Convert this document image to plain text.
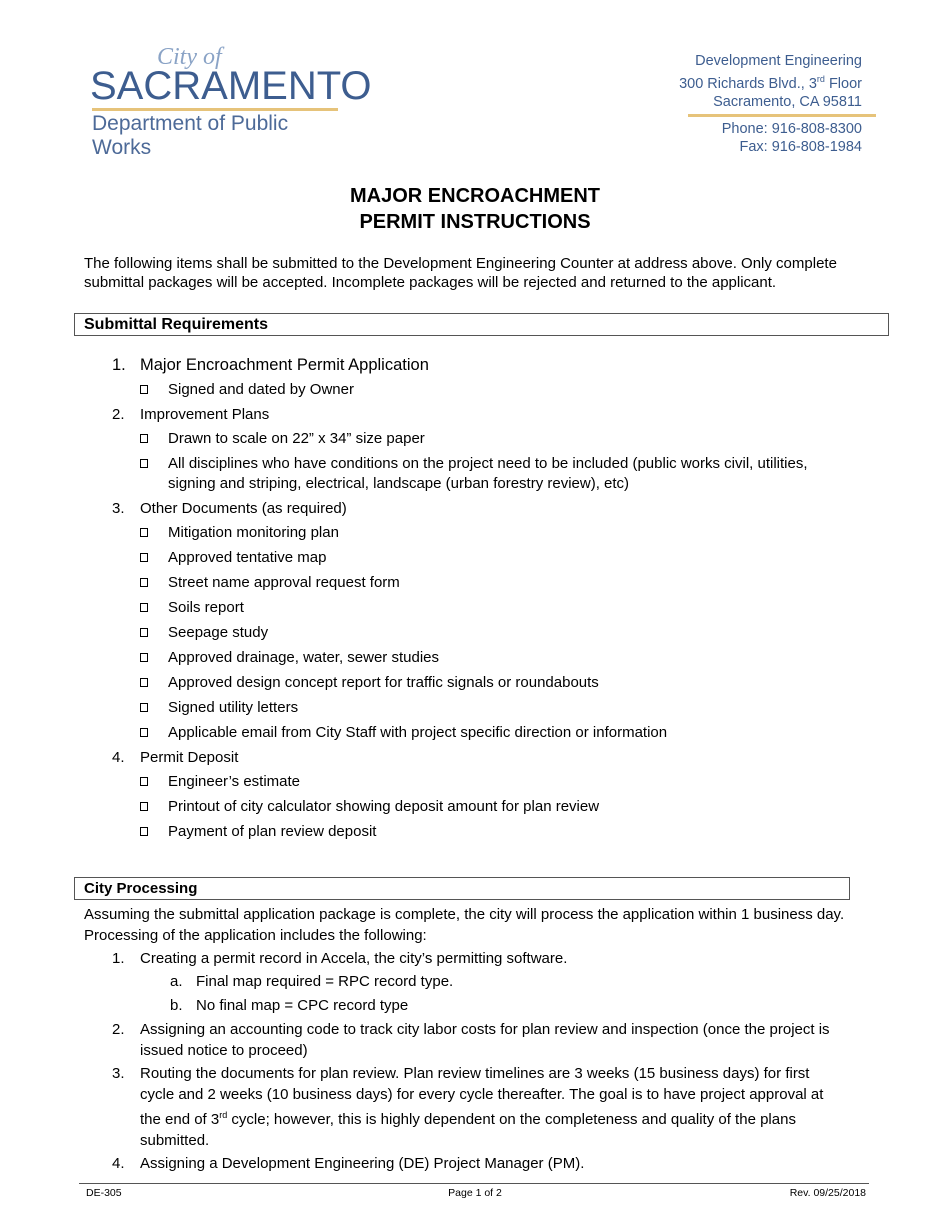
City of
SACRAMENTO
Department of Public Works
Development Engineering
300 Richards Blvd., 3rd Floor
Sacramento, CA 95811
Phone: 916-808-8300
Fax: 916-808-1984
MAJOR ENCROACHMENT
PERMIT INSTRUCTIONS
The following items shall be submitted to the Development Engineering Counter at address above. Only complete submittal packages will be accepted. Incomplete packages will be rejected and returned to the applicant.
Submittal Requirements
1. Major Encroachment Permit Application
Signed and dated by Owner
2. Improvement Plans
Drawn to scale on 22” x 34” size paper
All disciplines who have conditions on the project need to be included (public works civil, utilities, signing and striping, electrical, landscape (urban forestry review), etc)
3. Other Documents (as required)
Mitigation monitoring plan
Approved tentative map
Street name approval request form
Soils report
Seepage study
Approved drainage, water, sewer studies
Approved design concept report for traffic signals or roundabouts
Signed utility letters
Applicable email from City Staff with project specific direction or information
4. Permit Deposit
Engineer’s estimate
Printout of city calculator showing deposit amount for plan review
Payment of plan review deposit
City Processing
Assuming the submittal application package is complete, the city will process the application within 1 business day. Processing of the application includes the following:
1. Creating a permit record in Accela, the city’s permitting software.
a. Final map required = RPC record type.
b. No final map = CPC record type
2. Assigning an accounting code to track city labor costs for plan review and inspection (once the project is issued notice to proceed)
3. Routing the documents for plan review. Plan review timelines are 3 weeks (15 business days) for first cycle and 2 weeks (10 business days) for every cycle thereafter. The goal is to have project approval at the end of 3rd cycle; however, this is highly dependent on the completeness and quality of the plans submitted.
4. Assigning a Development Engineering (DE) Project Manager (PM).
DE-305	Page 1 of 2	Rev. 09/25/2018
